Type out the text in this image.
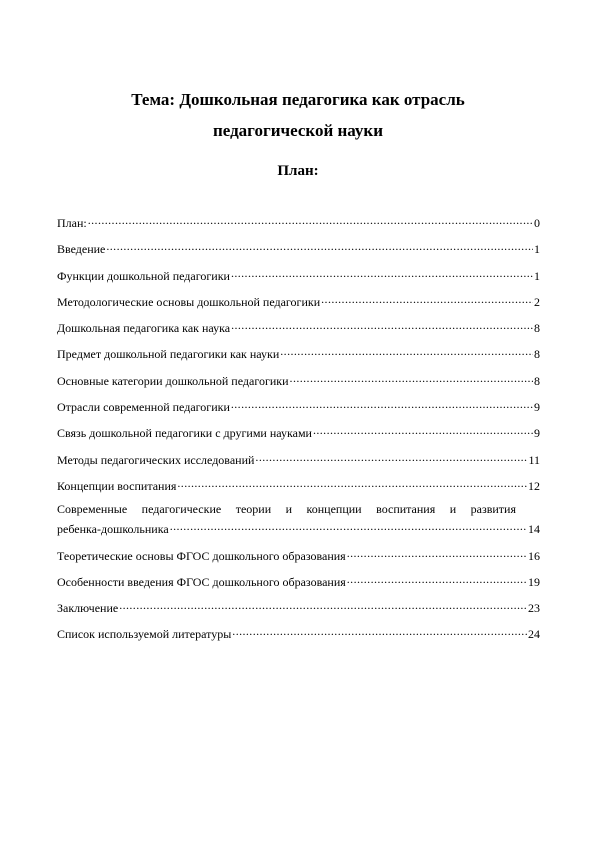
Тема: Дошкольная педагогика как отрасль
педагогической науки
План:
План: .....	0
Введение .....	1
Функции дошкольной педагогики .....	1
Методологические основы дошкольной педагогики .....	2
Дошкольная педагогика как наука .....	8
Предмет дошкольной педагогики как науки .....	8
Основные категории дошкольной педагогики .....	8
Отрасли современной педагогики .....	9
Связь дошкольной педагогики с другими науками .....	9
Методы педагогических исследований .....	11
Концепции воспитания .....	12
Современные педагогические теории и концепции воспитания и развития
ребенка-дошкольника .....	14
Теоретические основы ФГОС дошкольного образования .....	16
Особенности введения ФГОС дошкольного образования .....	19
Заключение .....	23
Список используемой литературы .....	24
